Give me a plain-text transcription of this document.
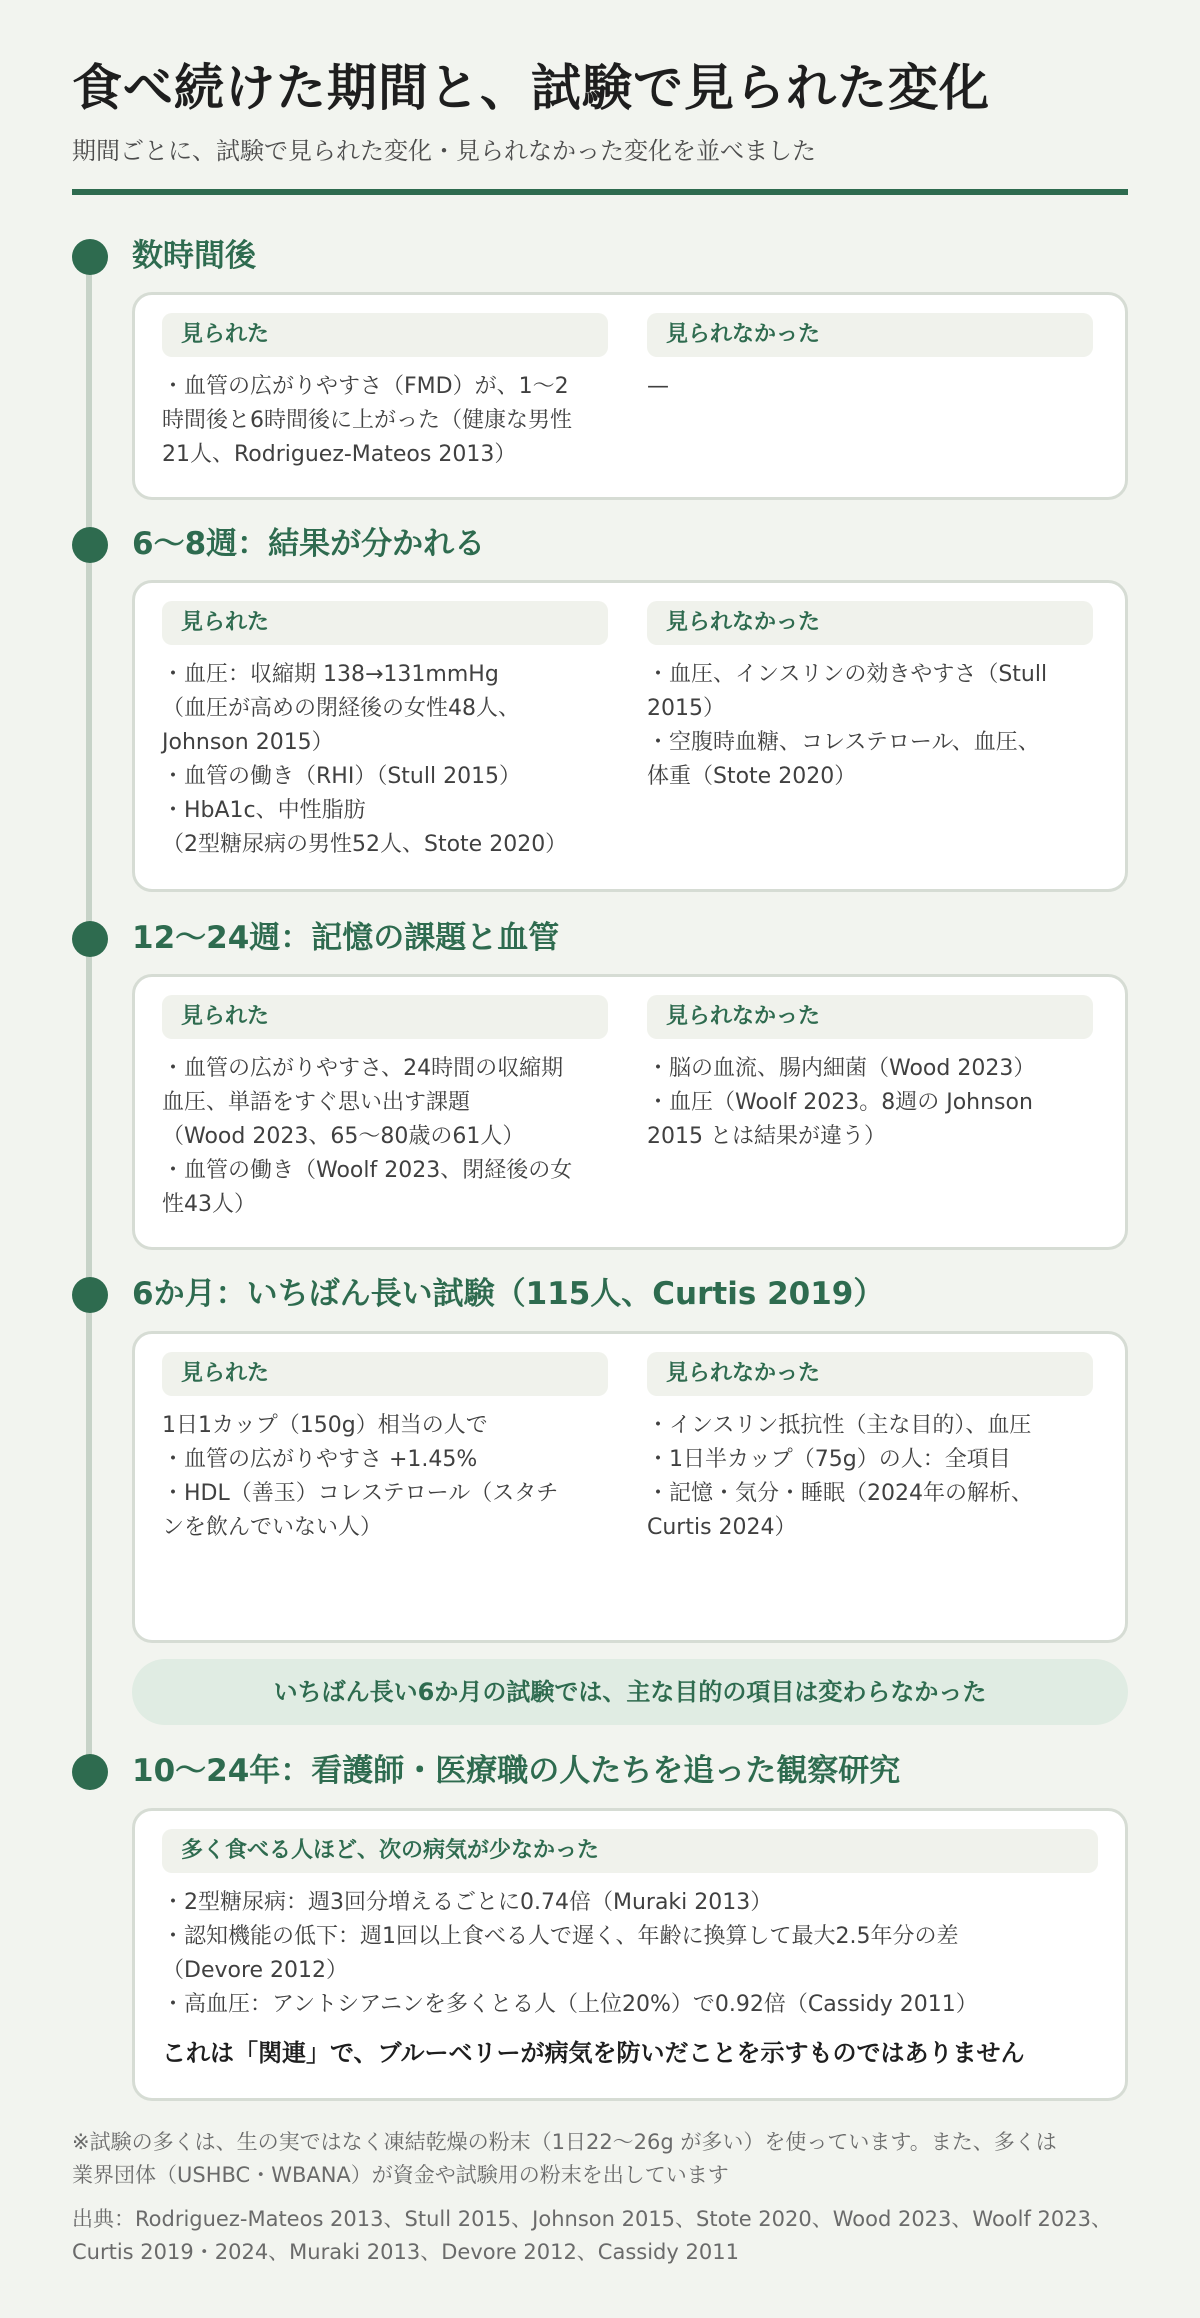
食べ続けた期間と、試験で見られた変化

期間ごとに、試験で見られた変化・見られなかった変化を並べました

数時間後
見られた
・血管の広がりやすさ（FMD）が、1〜2
時間後と6時間後に上がった（健康な男性
21人、Rodriguez-Mateos 2013）
見られなかった
—
6〜8週：結果が分かれる
見られた
・血圧：収縮期 138→131mmHg
（血圧が高めの閉経後の女性48人、
Johnson 2015）
・血管の働き（RHI）（Stull 2015）
・HbA1c、中性脂肪
（2型糖尿病の男性52人、Stote 2020）
見られなかった
・血圧、インスリンの効きやすさ（Stull
2015）
・空腹時血糖、コレステロール、血圧、
体重（Stote 2020）
12〜24週：記憶の課題と血管
見られた
・血管の広がりやすさ、24時間の収縮期
血圧、単語をすぐ思い出す課題
（Wood 2023、65〜80歳の61人）
・血管の働き（Woolf 2023、閉経後の女
性43人）
見られなかった
・脳の血流、腸内細菌（Wood 2023）
・血圧（Woolf 2023。8週の Johnson
2015 とは結果が違う）
6か月：いちばん長い試験（115人、Curtis 2019）
見られた
1日1カップ（150g）相当の人で
・血管の広がりやすさ +1.45%
・HDL（善玉）コレステロール（スタチ
ンを飲んでいない人）
見られなかった
・インスリン抵抗性（主な目的）、血圧
・1日半カップ（75g）の人：全項目
・記憶・気分・睡眠（2024年の解析、
Curtis 2024）
いちばん長い6か月の試験では、主な目的の項目は変わらなかった
10〜24年：看護師・医療職の人たちを追った観察研究
多く食べる人ほど、次の病気が少なかった
・2型糖尿病：週3回分増えるごとに0.74倍（Muraki 2013）
・認知機能の低下：週1回以上食べる人で遅く、年齢に換算して最大2.5年分の差
（Devore 2012）
・高血圧：アントシアニンを多くとる人（上位20%）で0.92倍（Cassidy 2011）
これは「関連」で、ブルーベリーが病気を防いだことを示すものではありません
※試験の多くは、生の実ではなく凍結乾燥の粉末（1日22〜26g が多い）を使っています。また、多くは
業界団体（USHBC・WBANA）が資金や試験用の粉末を出しています
出典：Rodriguez-Mateos 2013、Stull 2015、Johnson 2015、Stote 2020、Wood 2023、Woolf 2023、
Curtis 2019・2024、Muraki 2013、Devore 2012、Cassidy 2011
